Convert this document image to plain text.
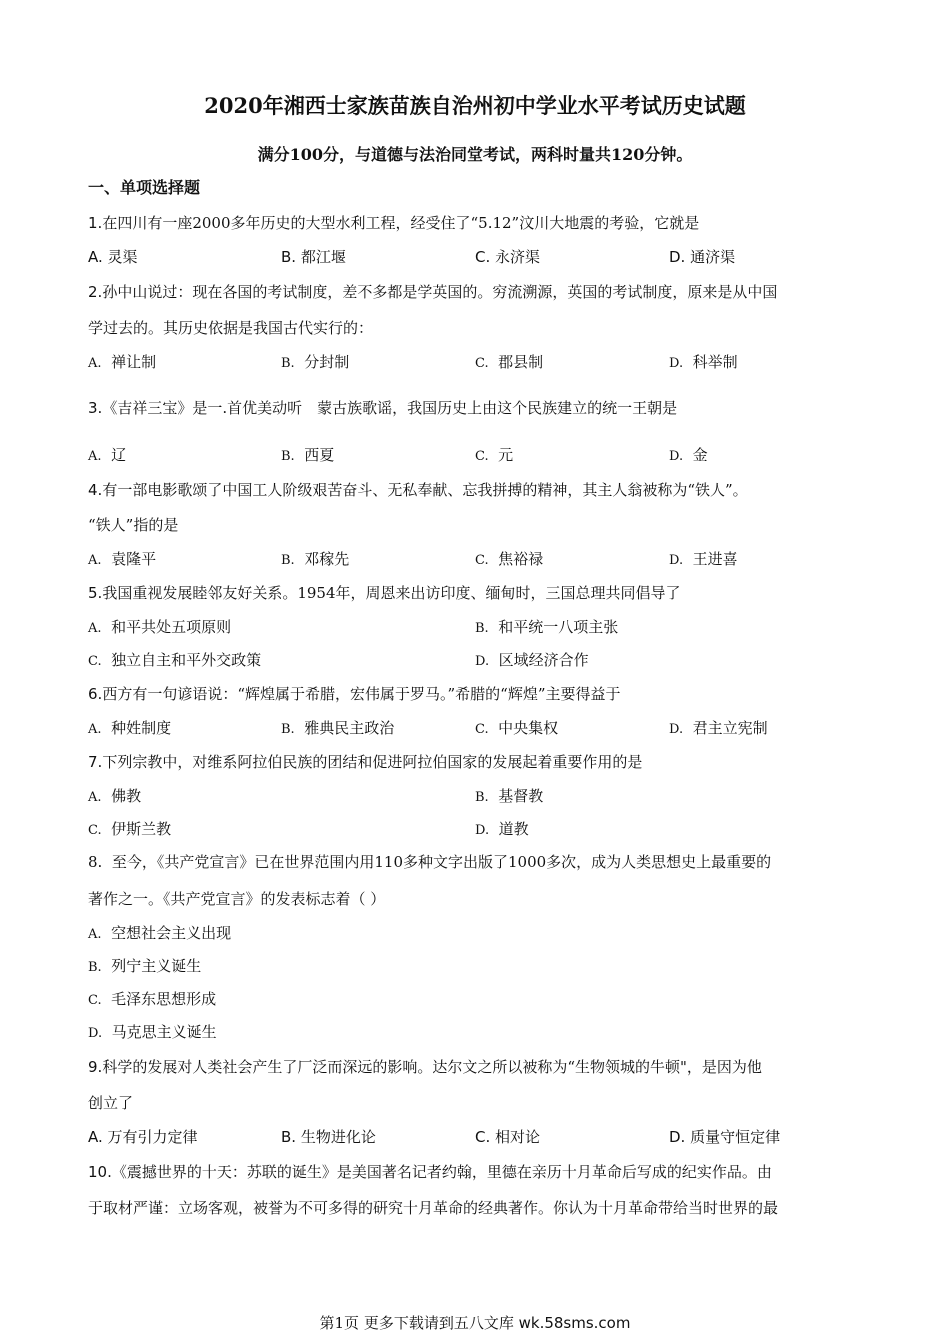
2020年湘西士家族苗族自治州初中学业水平考试历史试题
满分100分，与道德与法治同堂考试，两科时量共120分钟。
一、单项选择题
1.在四川有一座2000多年历史的大型水利工程，经受住了“5.12”汶川大地震的考验，它就是
A. 灵渠	B. 都江堰	C. 永济渠	D. 通济渠
2.孙中山说过：现在各国的考试制度，差不多都是学英国的。穷流溯源，英国的考试制度，原来是从中国
学过去的。其历史依据是我国古代实行的：
A. 禅让制	B. 分封制	C. 郡县制	D. 科举制
3.《吉祥三宝》是一.首优美动听　蒙古族歌谣，我国历史上由这个民族建立的统一王朝是
A. 辽	B. 西夏	C. 元	D. 金
4.有一部电影歌颂了中国工人阶级艰苦奋斗、无私奉献、忘我拼搏的精神，其主人翁被称为“铁人”。
“铁人”指的是
A. 袁隆平	B. 邓稼先	C. 焦裕禄	D. 王进喜
5.我国重视发展睦邻友好关系。1954年，周恩来出访印度、缅甸时，三国总理共同倡导了
A. 和平共处五项原则	B. 和平统一八项主张
C. 独立自主和平外交政策	D. 区域经济合作
6.西方有一句谚语说：“辉煌属于希腊，宏伟属于罗马。”希腊的“辉煌”主要得益于
A. 种姓制度	B. 雅典民主政治	C. 中央集权	D. 君主立宪制
7.下列宗教中，对维系阿拉伯民族的团结和促进阿拉伯国家的发展起着重要作用的是
A. 佛教	B. 基督教
C. 伊斯兰教	D. 道教
8. 至今，《共产党宣言》已在世界范围内用110多种文字出版了1000多次，成为人类思想史上最重要的
著作之一。《共产党宣言》的发表标志着（ ）
A. 空想社会主义出现
B. 列宁主义诞生
C. 毛泽东思想形成
D. 马克思主义诞生
9.科学的发展对人类社会产生了厂泛而深远的影响。达尔文之所以被称为“生物领城的牛顿"，是因为他
创立了
A. 万有引力定律	B. 生物进化论	C. 相对论	D. 质量守恒定律
10.《震撼世界的十天：苏联的诞生》是美国著名记者约翰，里德在亲历十月革命后写成的纪实作品。由
于取材严谨：立场客观，被誉为不可多得的研究十月革命的经典著作。你认为十月革命带给当时世界的最
第1页 更多下载请到五八文库 wk.58sms.com
